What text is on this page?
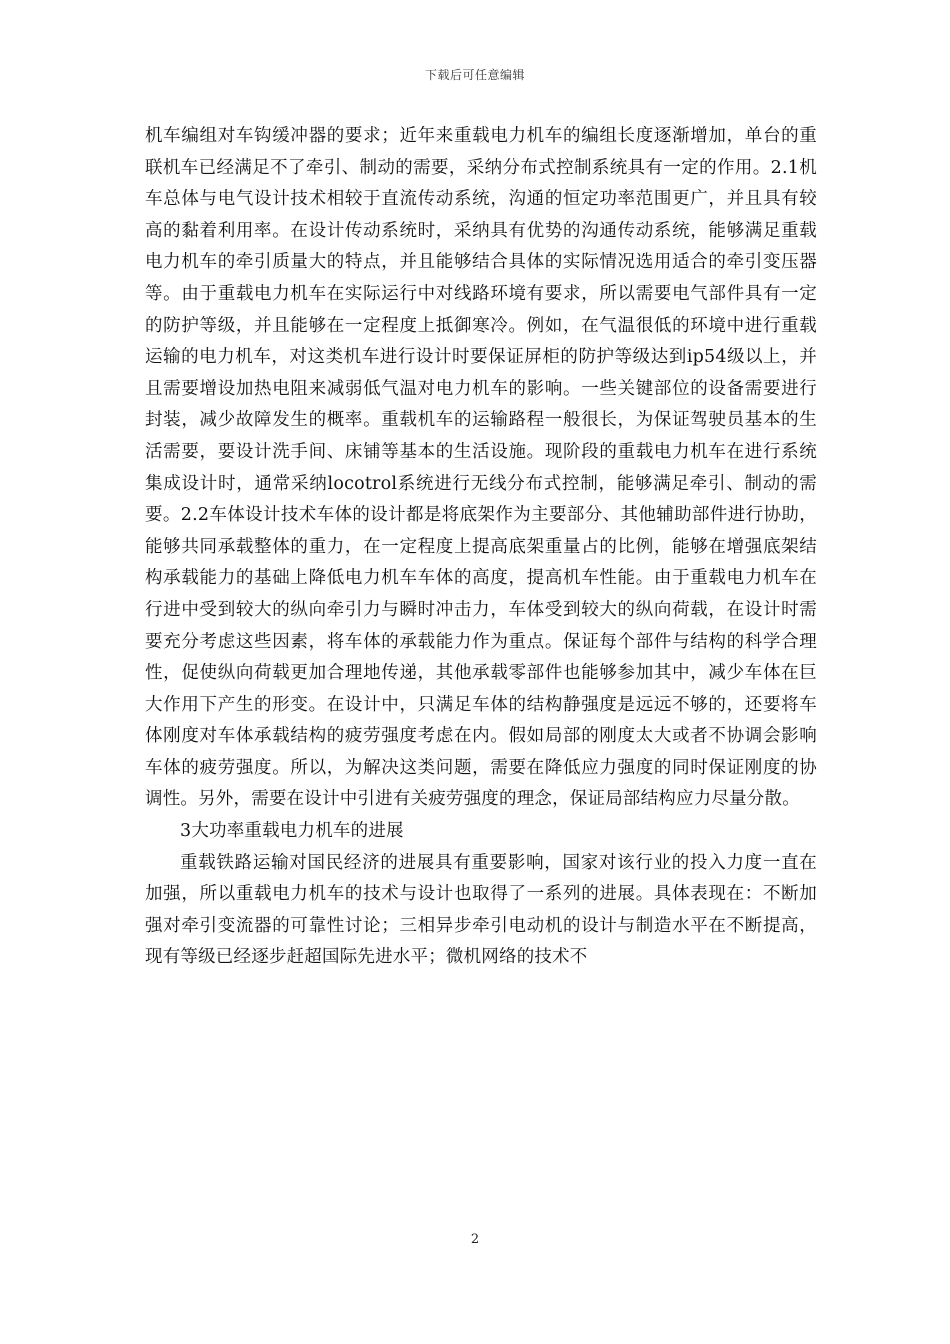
下载后可任意编辑

机车编组对车钩缓冲器的要求；近年来重载电力机车的编组长度逐渐增加，单台的重联机车已经满足不了牵引、制动的需要，采纳分布式控制系统具有一定的作用。2.1机车总体与电气设计技术相较于直流传动系统，沟通的恒定功率范围更广，并且具有较高的黏着利用率。在设计传动系统时，采纳具有优势的沟通传动系统，能够满足重载电力机车的牵引质量大的特点，并且能够结合具体的实际情况选用适合的牵引变压器等。由于重载电力机车在实际运行中对线路环境有要求，所以需要电气部件具有一定的防护等级，并且能够在一定程度上抵御寒冷。例如，在气温很低的环境中进行重载运输的电力机车，对这类机车进行设计时要保证屏柜的防护等级达到ip54级以上，并且需要增设加热电阻来减弱低气温对电力机车的影响。一些关键部位的设备需要进行封装，减少故障发生的概率。重载机车的运输路程一般很长，为保证驾驶员基本的生活需要，要设计洗手间、床铺等基本的生活设施。现阶段的重载电力机车在进行系统集成设计时，通常采纳locotrol系统进行无线分布式控制，能够满足牵引、制动的需要。2.2车体设计技术车体的设计都是将底架作为主要部分、其他辅助部件进行协助，能够共同承载整体的重力，在一定程度上提高底架重量占的比例，能够在增强底架结构承载能力的基础上降低电力机车车体的高度，提高机车性能。由于重载电力机车在行进中受到较大的纵向牵引力与瞬时冲击力，车体受到较大的纵向荷载，在设计时需要充分考虑这些因素，将车体的承载能力作为重点。保证每个部件与结构的科学合理性，促使纵向荷载更加合理地传递，其他承载零部件也能够参加其中，减少车体在巨大作用下产生的形变。在设计中，只满足车体的结构静强度是远远不够的，还要将车体刚度对车体承载结构的疲劳强度考虑在内。假如局部的刚度太大或者不协调会影响车体的疲劳强度。所以，为解决这类问题，需要在降低应力强度的同时保证刚度的协调性。另外，需要在设计中引进有关疲劳强度的理念，保证局部结构应力尽量分散。

3大功率重载电力机车的进展

重载铁路运输对国民经济的进展具有重要影响，国家对该行业的投入力度一直在加强，所以重载电力机车的技术与设计也取得了一系列的进展。具体表现在：不断加强对牵引变流器的可靠性讨论；三相异步牵引电动机的设计与制造水平在不断提高，现有等级已经逐步赶超国际先进水平；微机网络的技术不

2
